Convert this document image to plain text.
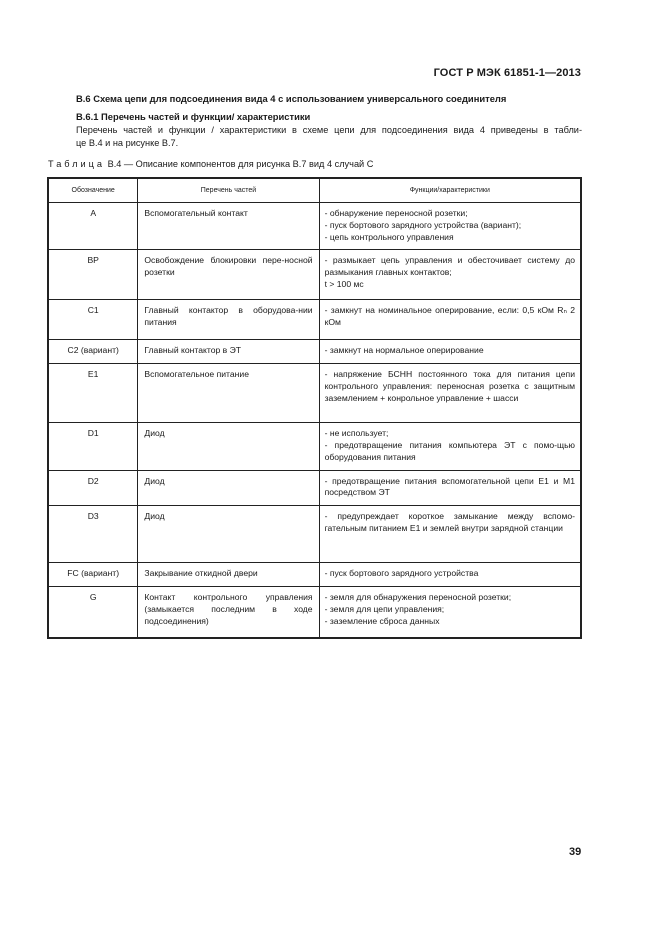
ГОСТ Р МЭК 61851-1—2013
В.6 Схема цепи для подсоединения вида 4 с использованием универсального соединителя
В.6.1 Перечень частей и функции/ характеристики
Перечень частей и функции / характеристики в схеме цепи для подсоединения вида 4 приведены в табли-
це В.4 и на рисунке В.7.
Таблица В.4 — Описание компонентов для рисунка В.7 вид 4 случай С
Обозначение	Перечень частей	Функции/характеристики
A	Вспомогательный контакт	- обнаружение переносной розетки;
- пуск бортового зарядного устройства (вариант);
- цепь контрольного управления

BP	Освобождение блокировки пере-носной розетки	- размыкает цепь управления и обесточивает систему до размыкания главных контактов;
t > 100 мс

C1	Главный контактор в оборудова-нии питания	- замкнут на номинальное оперирование, если: 0,5 кОм Rₙ 2 кОм

C2 (вариант)	Главный контактор в ЭТ	- замкнут на нормальное оперирование

E1	Вспомогательное питание	- напряжение БСНН постоянного тока для питания цепи контрольного управления: переносная розетка с защитным заземлением + конрольное управление + шасси

D1	Диод	- не использует;
- предотвращение питания компьютера ЭТ с помо-щью оборудования питания

D2	Диод	- предотвращение питания вспомогательной цепи Е1 и М1 посредством ЭТ

D3	Диод	- предупреждает короткое замыкание между вспомо-гательным питанием Е1 и землей внутри зарядной станции

FC (вариант)	Закрывание откидной двери	- пуск бортового зарядного устройства

G	Контакт контрольного управления (замыкается последним в ходе подсоединения)	- земля для обнаружения переносной розетки;
- земля для цепи управления;
- заземление сброса данных
39
